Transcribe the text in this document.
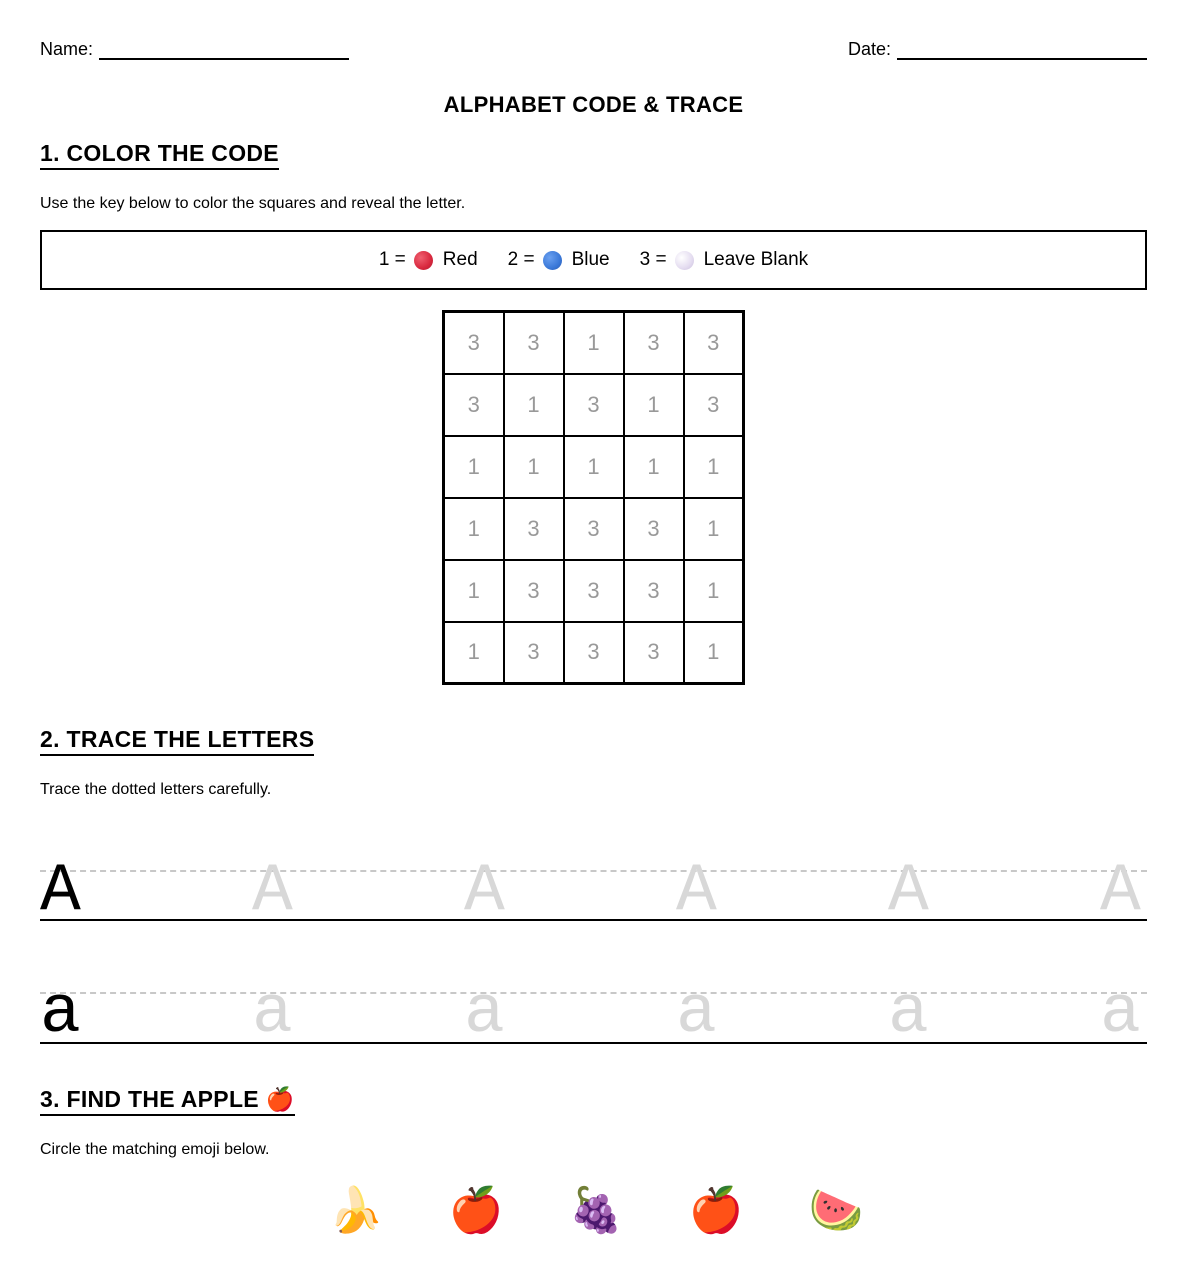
Name:	Date:
ALPHABET CODE & TRACE
1. COLOR THE CODE
Use the key below to color the squares and reveal the letter.
1 = Red 2 = Blue 3 = Leave Blank
3	3	1	3	3
3	1	3	1	3
1	1	1	1	1
1	3	3	3	1
1	3	3	3	1
1	3	3	3	1
2. TRACE THE LETTERS
Trace the dotted letters carefully.
A	A	A	A	A	A
a	a	a	a	a	a
3. FIND THE APPLE 🍎
Circle the matching emoji below.
🍌 🍎 🍇 🍎 🍉
